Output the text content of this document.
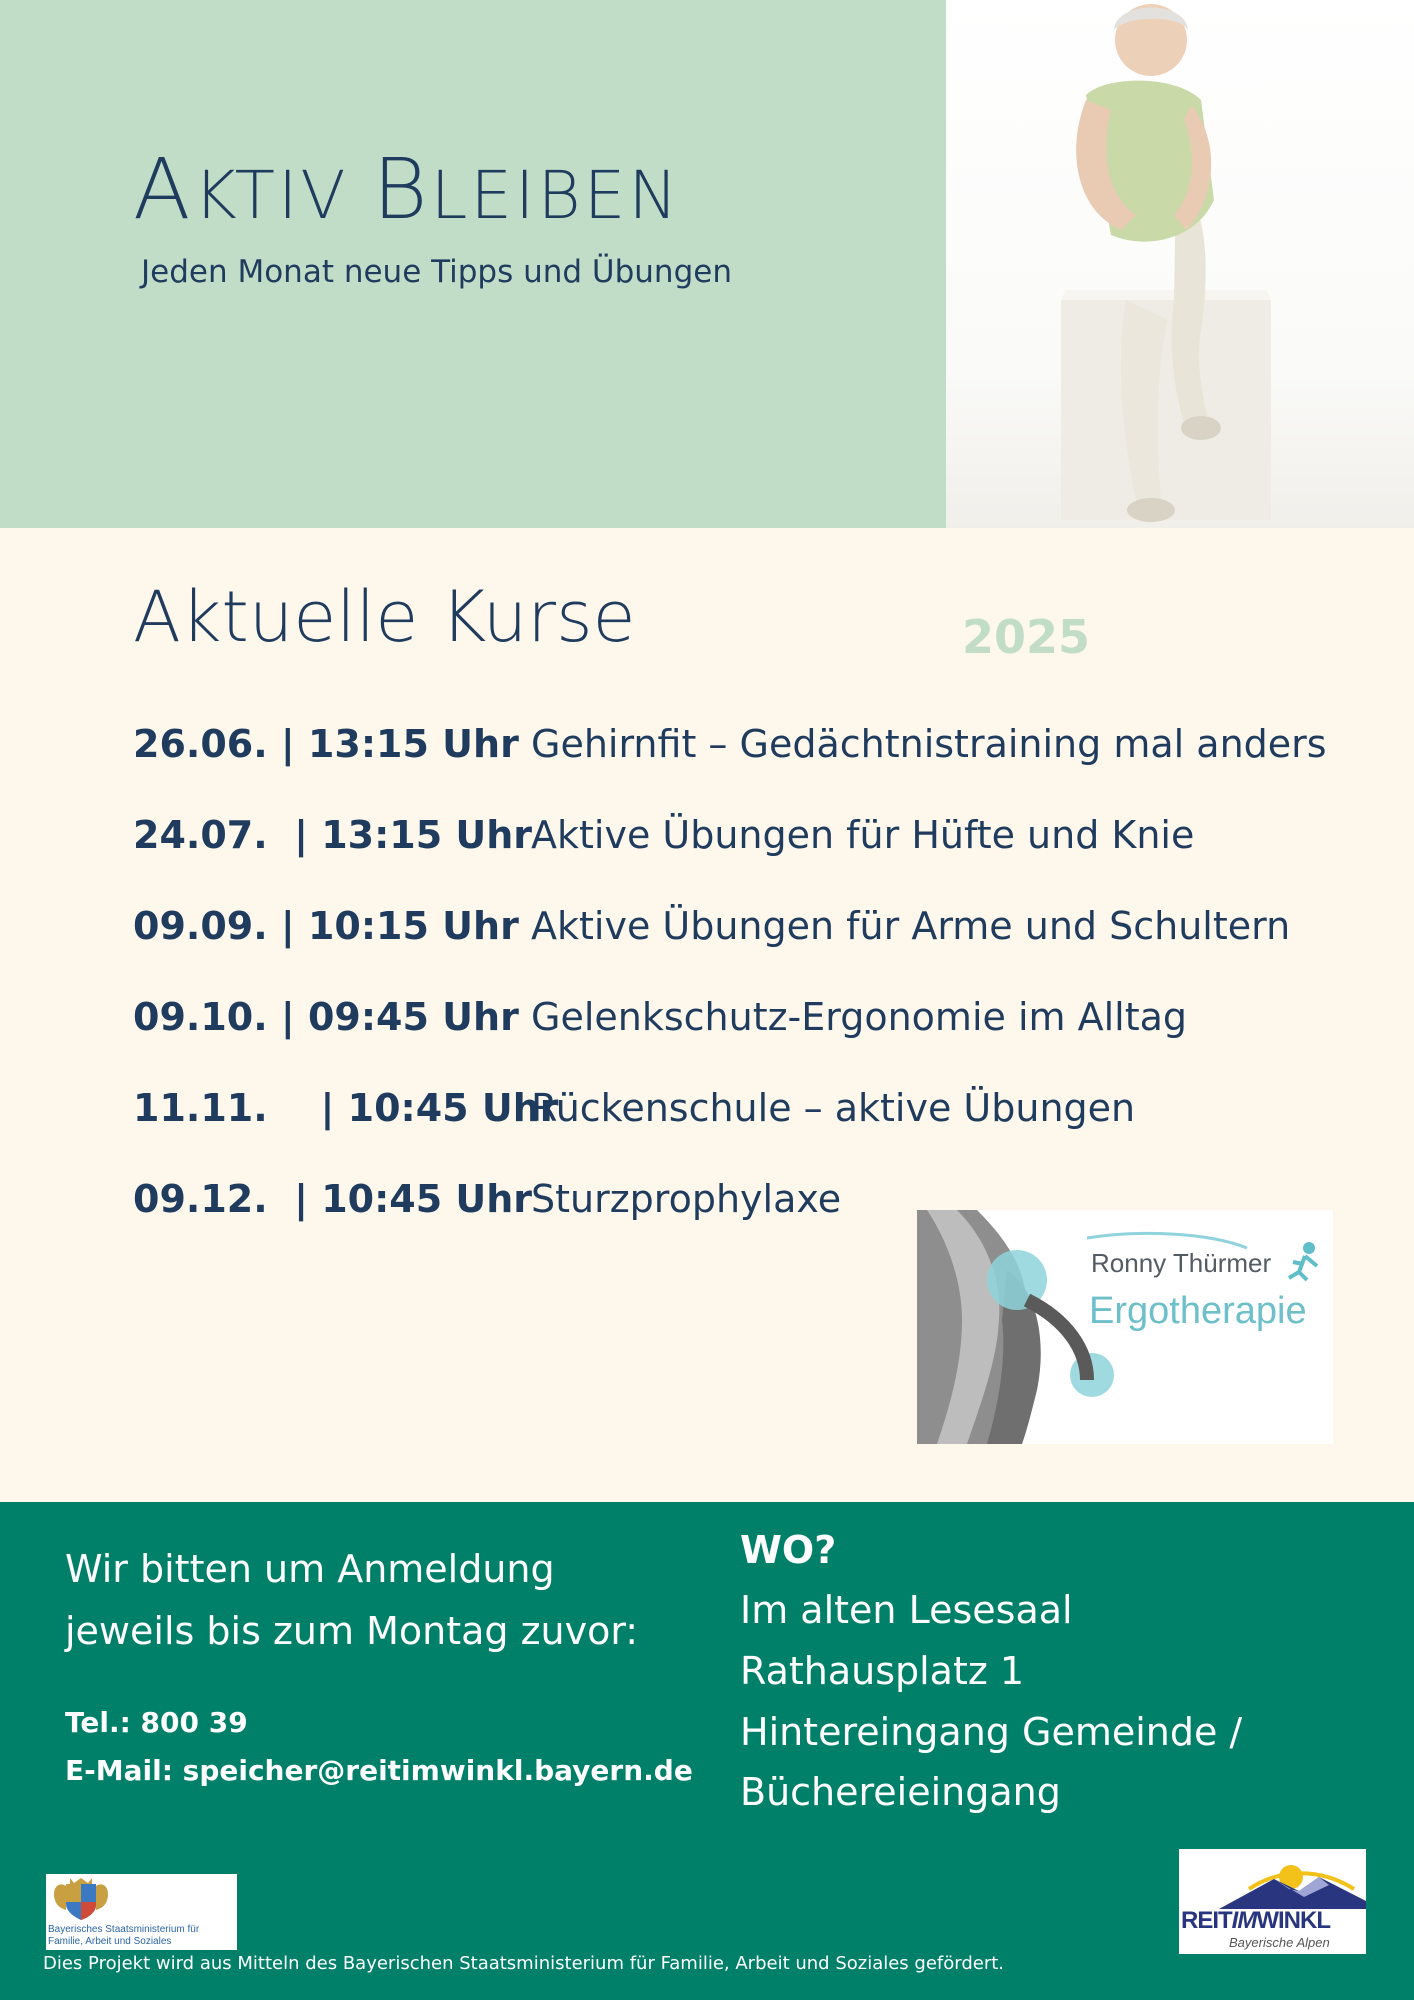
AKTIV BLEIBEN
Jeden Monat neue Tipps und Übungen
Aktuelle Kurse	2025
26.06. | 13:15 Uhr Gehirnfit – Gedächtnistraining mal anders
24.07.  | 13:15 Uhr
Aktive Übungen für Hüfte und Knie
09.09. | 10:15 Uhr Aktive Übungen für Arme und Schultern
09.10. | 09:45 Uhr Gelenkschutz-Ergonomie im Alltag
11.11.    | 10:45 Uhr
Rückenschule – aktive Übungen
09.12.  | 10:45 Uhr
Sturzprophylaxe
Ronny Thürmer
Ergotherapie
Wir bitten um Anmeldung
jeweils bis zum Montag zuvor:
Tel.: 800 39
E-Mail: speicher@reitimwinkl.bayern.de
WO?
Im alten Lesesaal
Rathausplatz 1
Hintereingang Gemeinde /
Büchereieingang
Bayerisches Staatsministerium für Familie, Arbeit und Soziales
REITIMWINKL
Bayerische Alpen
Dies Projekt wird aus Mitteln des Bayerischen Staatsministerium für Familie, Arbeit und Soziales gefördert.
